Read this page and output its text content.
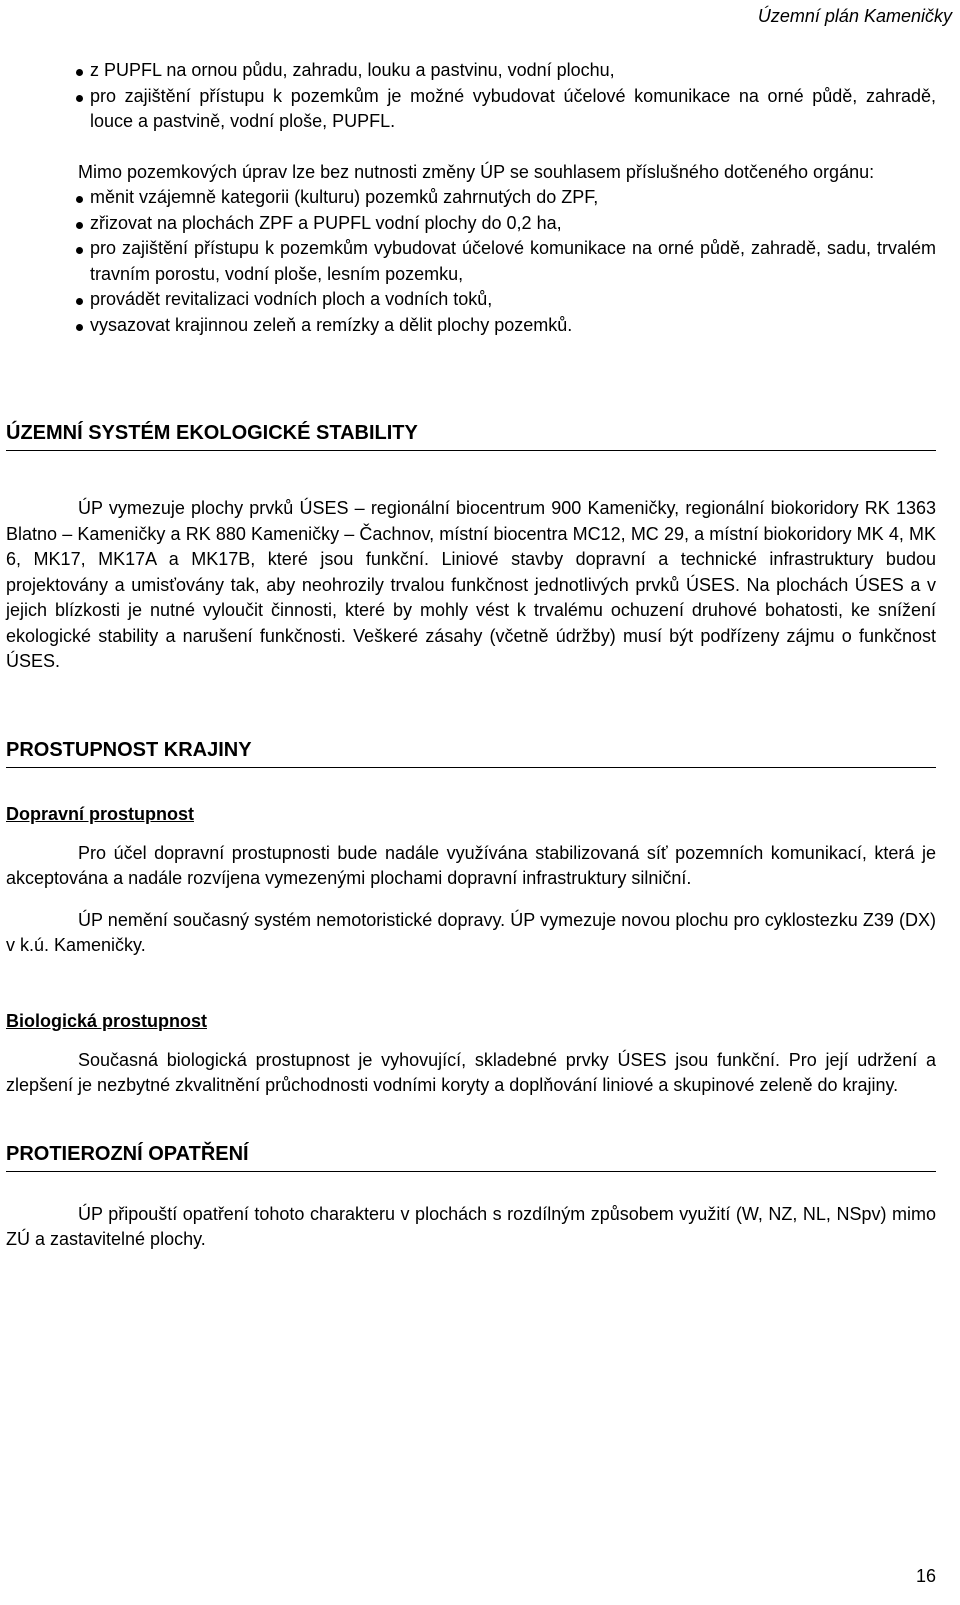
Územní plán Kameničky
z PUPFL na ornou půdu, zahradu, louku a pastvinu, vodní plochu,
pro zajištění přístupu k pozemkům je možné vybudovat účelové komunikace na orné půdě, zahradě, louce a pastvině, vodní ploše, PUPFL.

Mimo pozemkových úprav lze bez nutnosti změny ÚP se souhlasem příslušného dotčeného orgánu:

měnit vzájemně kategorii (kulturu) pozemků zahrnutých do ZPF,
zřizovat na plochách ZPF a PUPFL vodní plochy do 0,2 ha,
pro zajištění přístupu k pozemkům vybudovat účelové komunikace na orné půdě, zahradě, sadu, trvalém travním porostu, vodní ploše, lesním pozemku,
provádět revitalizaci vodních ploch a vodních toků,
vysazovat krajinnou zeleň a remízky a dělit plochy pozemků.
ÚZEMNÍ SYSTÉM EKOLOGICKÉ STABILITY

ÚP vymezuje plochy prvků ÚSES – regionální biocentrum 900 Kameničky, regionální biokoridory RK 1363 Blatno – Kameničky a RK 880 Kameničky – Čachnov, místní biocentra MC12, MC 29, a místní biokoridory MK 4, MK 6, MK17, MK17A a MK17B, které jsou funkční. Liniové stavby dopravní a technické infrastruktury budou projektovány a umisťovány tak, aby neohrozily trvalou funkčnost jednotlivých prvků ÚSES. Na plochách ÚSES a v jejich blízkosti je nutné vyloučit činnosti, které by mohly vést k trvalému ochuzení druhové bohatosti, ke snížení ekologické stability a narušení funkčnosti. Veškeré zásahy (včetně údržby) musí být podřízeny zájmu o funkčnost ÚSES.

PROSTUPNOST KRAJINY
Dopravní prostupnost

Pro účel dopravní prostupnosti bude nadále využívána stabilizovaná síť pozemních komunikací, která je akceptována a nadále rozvíjena vymezenými plochami dopravní infrastruktury silniční.

ÚP nemění současný systém nemotoristické dopravy. ÚP vymezuje novou plochu pro cyklostezku Z39 (DX) v k.ú. Kameničky.

Biologická prostupnost

Současná biologická prostupnost je vyhovující, skladebné prvky ÚSES jsou funkční. Pro její udržení a zlepšení je nezbytné zkvalitnění průchodnosti vodními koryty a doplňování liniové a skupinové zeleně do krajiny.

PROTIEROZNÍ OPATŘENÍ

ÚP připouští opatření tohoto charakteru v plochách s rozdílným způsobem využití (W, NZ, NL, NSpv) mimo ZÚ a zastavitelné plochy.

16
